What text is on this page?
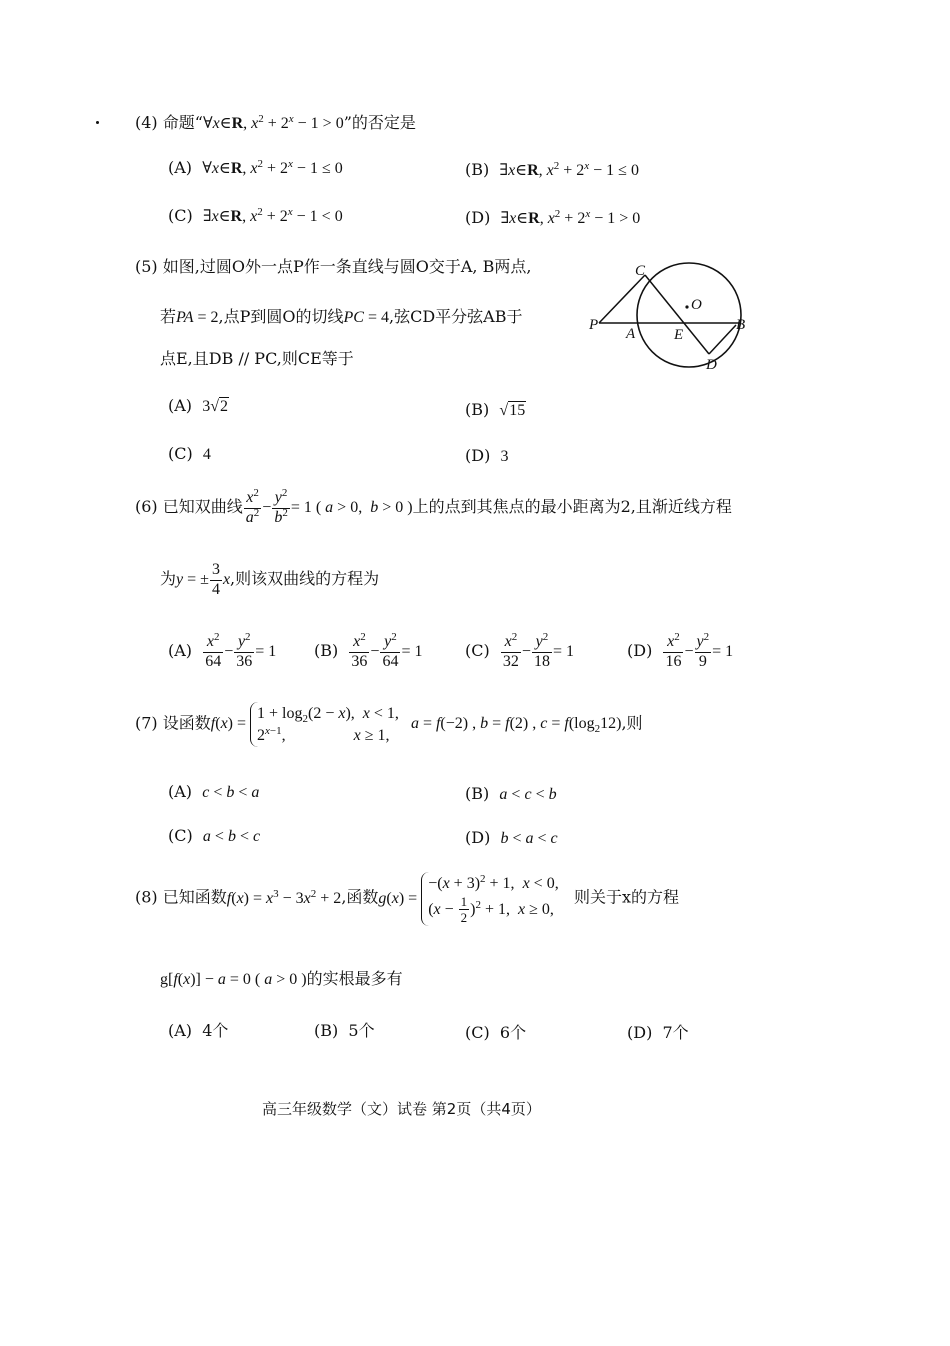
(4) 命题“∀x∈R, $x^2 + 2^x - 1 > 0$”的否定是
(A) ∀x∈R, $x^2 + 2^x - 1 \le 0$	(B) ∃x∈R, $x^2 + 2^x - 1 \le 0$
(C) ∃x∈R, $x^2 + 2^x - 1 < 0$	(D) ∃x∈R, $x^2 + 2^x - 1 > 0$
(5) 如图,过圆O外一点P作一条直线与圆O交于A, B两点,
若PA = 2,点P到圆O的切线PC = 4,弦CD平分弦AB于
点E,且DB // PC,则CE等于
C
O
P
A	E
B
D
(A) 3√2	(B) √15
(C) 4	(D) 3
(6) 已知双曲线 $\frac{x^2}{a^2} - \frac{y^2}{b^2} = 1$ ( a > 0,  b > 0 )上的点到其焦点的最小距离为2,且渐近线方程
为y = ± $\frac{3}{4} x$,则该双曲线的方程为
$(A) \frac{x^2}{64} - \frac{y^2}{36} = 1$ $(B) \frac{x^2}{36} - \frac{y^2}{64} = 1$	$(C) \frac{x^2}{32} - \frac{y^2}{18} = 1$	$(D) \frac{x^2}{16} - \frac{y^2}{9} = 1$
(7) 设函数f(x) =
$1 + \log_2(2 - x)$,  x < 1,
$2^{x-1}$,                 x ≥ 1,
a = f(−2) , b = f(2) , $c = f(\log_212)$,则
(A) c < b < a	(B) a < c < b
(C) a < b < c	(D) b < a < c
(8) 已知函数$f(x) = x^3 - 3x^2 + 2$,函数g(x) =
$-(x + 3)^2 + 1$,  x < 0,
$(x - \frac{1}{2} )^2 + 1$,  x ≥ 0,
则关于x的方程
g[f(x)] − a = 0 ( a > 0 )的实根最多有
(A) 4个	(B) 5个	(C) 6个	(D) 7个
高三年级数学（文）试卷 第2页（共4页）
